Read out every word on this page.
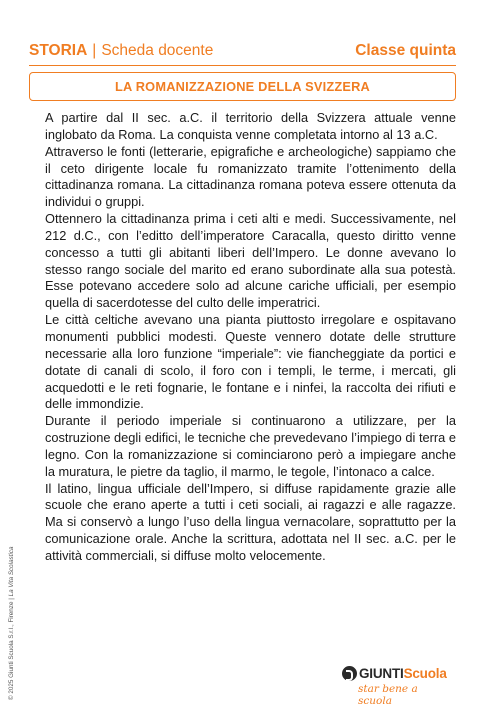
STORIA | Scheda docente	Classe quinta
LA ROMANIZZAZIONE DELLA SVIZZERA

A partire dal II sec. a.C. il territorio della Svizzera attuale venne inglobato da Roma. La conquista venne completata intorno al 13 a.C.

Attraverso le fonti (letterarie, epigrafiche e archeologiche) sappiamo che il ceto dirigente locale fu romanizzato tramite l’ottenimento della cittadinanza romana. La cittadinanza romana poteva essere ottenuta da individui o gruppi.

Ottennero la cittadinanza prima i ceti alti e medi. Successivamente, nel 212 d.C., con l’editto dell’imperatore Caracalla, questo diritto venne concesso a tutti gli abitanti liberi dell’Impero. Le donne avevano lo stesso rango sociale del marito ed erano subordinate alla sua potestà. Esse potevano accedere solo ad alcune cariche ufficiali, per esempio quella di sacerdotesse del culto delle imperatrici.

Le città celtiche avevano una pianta piuttosto irregolare e ospitavano monumenti pubblici modesti. Queste vennero dotate delle strutture necessarie alla loro funzione “imperiale”: vie fiancheggiate da portici e dotate di canali di scolo, il foro con i templi, le terme, i mercati, gli acquedotti e le reti fognarie, le fontane e i ninfei, la raccolta dei rifiuti e delle immondizie.

Durante il periodo imperiale si continuarono a utilizzare, per la costruzione degli edifici, le tecniche che prevedevano l’impiego di terra e legno. Con la romanizzazione si cominciarono però a impiegare anche la muratura, le pietre da taglio, il marmo, le tegole, l’intonaco a calce.

Il latino, lingua ufficiale dell’Impero, si diffuse rapidamente grazie alle scuole che erano aperte a tutti i ceti sociali, ai ragazzi e alle ragazze. Ma si conservò a lungo l’uso della lingua vernacolare, soprattutto per la comunicazione orale. Anche la scrittura, adottata nel II sec. a.C. per le attività commerciali, si diffuse molto velocemente.

© 2025 Giunti Scuola S.r.l., Firenze | La Vita Scolastica
GIUNTI Scuola
star bene a scuola
